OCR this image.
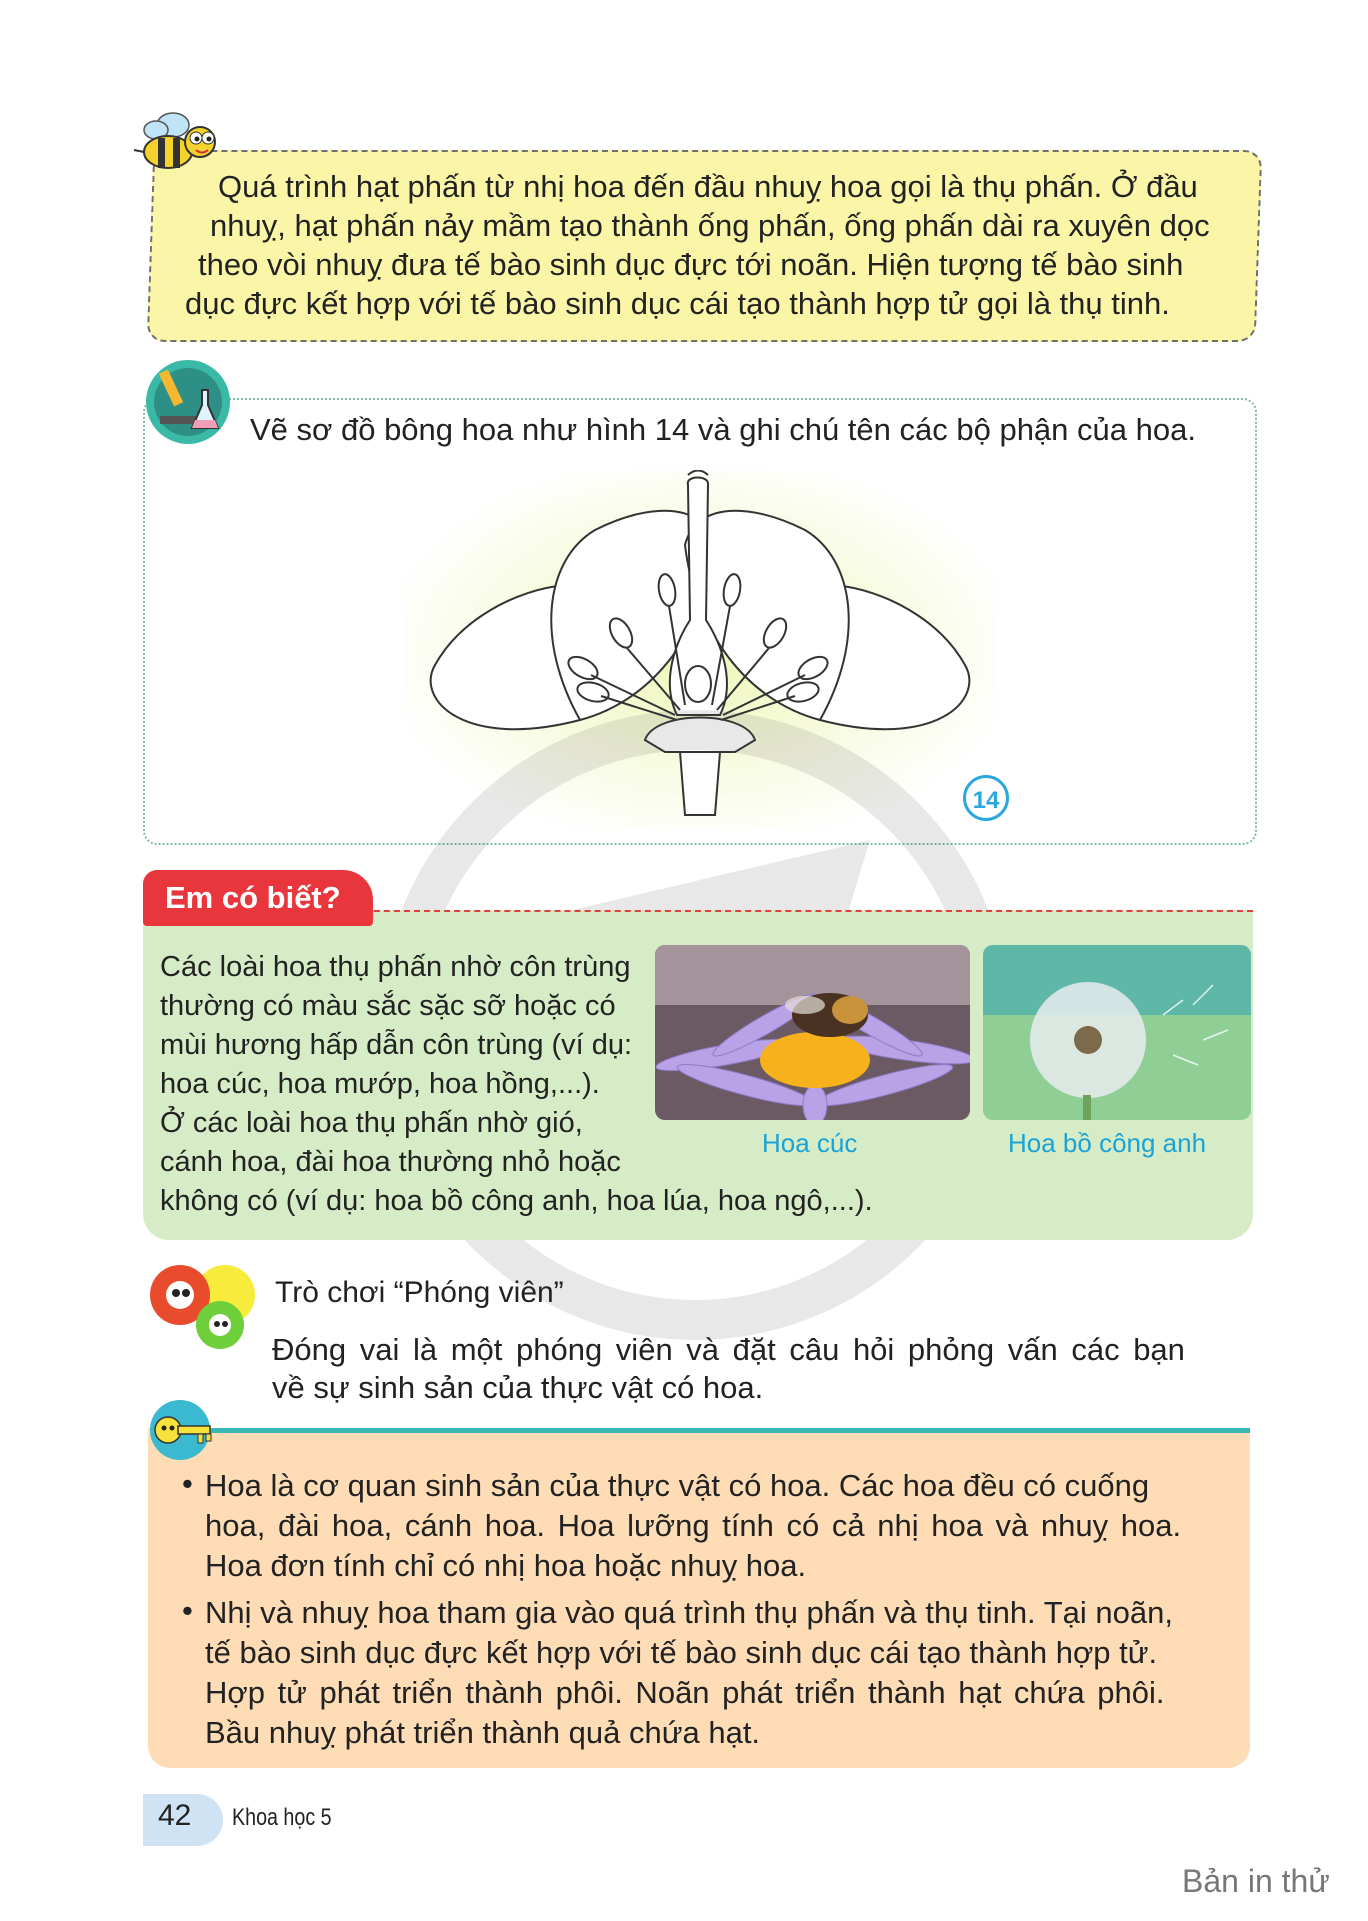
Quá trình hạt phấn từ nhị hoa đến đầu nhuỵ hoa gọi là thụ phấn. Ở đầu
nhuỵ, hạt phấn nảy mầm tạo thành ống phấn, ống phấn dài ra xuyên dọc
theo vòi nhuỵ đưa tế bào sinh dục đực tới noãn. Hiện tượng tế bào sinh
dục đực kết hợp với tế bào sinh dục cái tạo thành hợp tử gọi là thụ tinh.
Vẽ sơ đồ bông hoa như hình 14 và ghi chú tên các bộ phận của hoa.
14
Em có biết?
Các loài hoa thụ phấn nhờ côn trùng
thường có màu sắc sặc sỡ hoặc có
mùi hương hấp dẫn côn trùng (ví dụ:
hoa cúc, hoa mướp, hoa hồng,...).
Ở các loài hoa thụ phấn nhờ gió,
cánh hoa, đài hoa thường nhỏ hoặc
không có (ví dụ: hoa bồ công anh, hoa lúa, hoa ngô,...).
Hoa cúc	Hoa bồ công anh
Trò chơi “Phóng viên”
Đóng vai là một phóng viên và đặt câu hỏi phỏng vấn các bạn
về sự sinh sản của thực vật có hoa.
• Hoa là cơ quan sinh sản của thực vật có hoa. Các hoa đều có cuống
hoa, đài hoa, cánh hoa. Hoa lưỡng tính có cả nhị hoa và nhuỵ hoa.
Hoa đơn tính chỉ có nhị hoa hoặc nhuỵ hoa.
• Nhị và nhuỵ hoa tham gia vào quá trình thụ phấn và thụ tinh. Tại noãn,
tế bào sinh dục đực kết hợp với tế bào sinh dục cái tạo thành hợp tử.
Hợp tử phát triển thành phôi. Noãn phát triển thành hạt chứa phôi.
Bầu nhuỵ phát triển thành quả chứa hạt.
42 Khoa học 5
Bản in thử
